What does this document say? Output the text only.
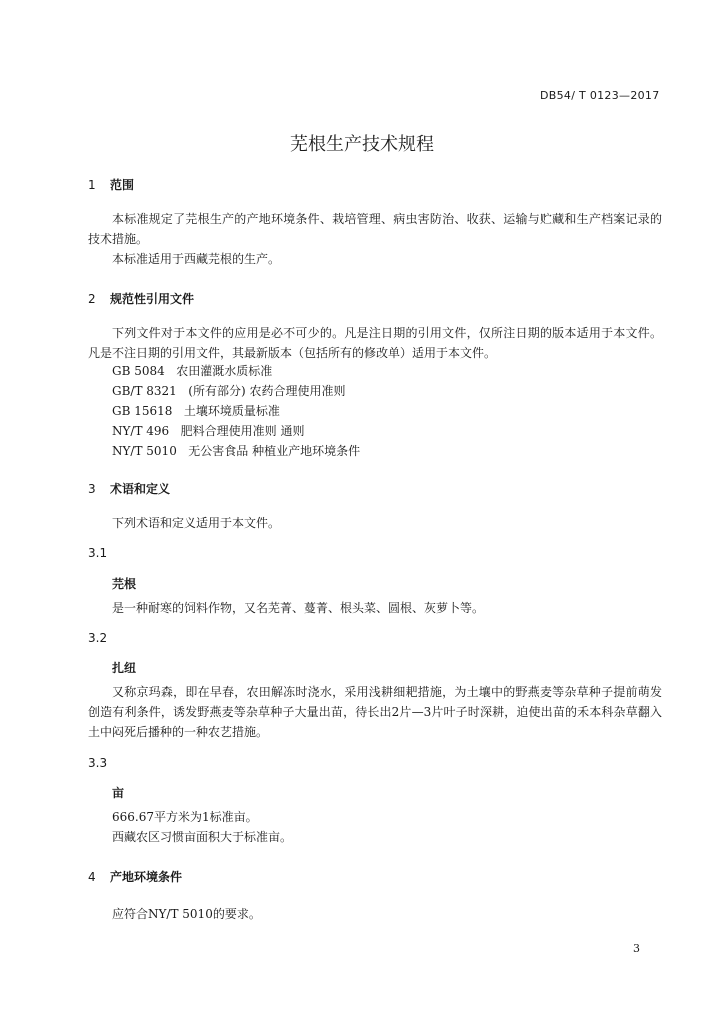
DB54/ T 0123—2017
芜根生产技术规程
1 范围
本标准规定了芫根生产的产地环境条件、栽培管理、病虫害防治、收获、运输与贮藏和生产档案记录的技术措施。
本标准适用于西藏芫根的生产。
2 规范性引用文件
下列文件对于本文件的应用是必不可少的。凡是注日期的引用文件，仅所注日期的版本适用于本文件。凡是不注日期的引用文件，其最新版本（包括所有的修改单）适用于本文件。
GB 5084 农田灌溉水质标准
GB/T 8321 (所有部分) 农药合理使用准则
GB 15618 土壤环境质量标准
NY/T 496 肥料合理使用准则 通则
NY/T 5010 无公害食品 种植业产地环境条件
3 术语和定义
下列术语和定义适用于本文件。
3.1
芫根
是一种耐寒的饲料作物，又名芜菁、蔓菁、根头菜、圆根、灰萝卜等。
3.2
扎纽
又称京玛森，即在早春，农田解冻时浇水，采用浅耕细耙措施，为土壤中的野燕麦等杂草种子提前萌发创造有利条件，诱发野燕麦等杂草种子大量出苗，待长出2片—3片叶子时深耕，迫使出苗的禾本科杂草翻入土中闷死后播种的一种农艺措施。
3.3
亩
666.67平方米为1标准亩。
西藏农区习惯亩面积大于标准亩。
4 产地环境条件
应符合NY/T 5010的要求。
3
